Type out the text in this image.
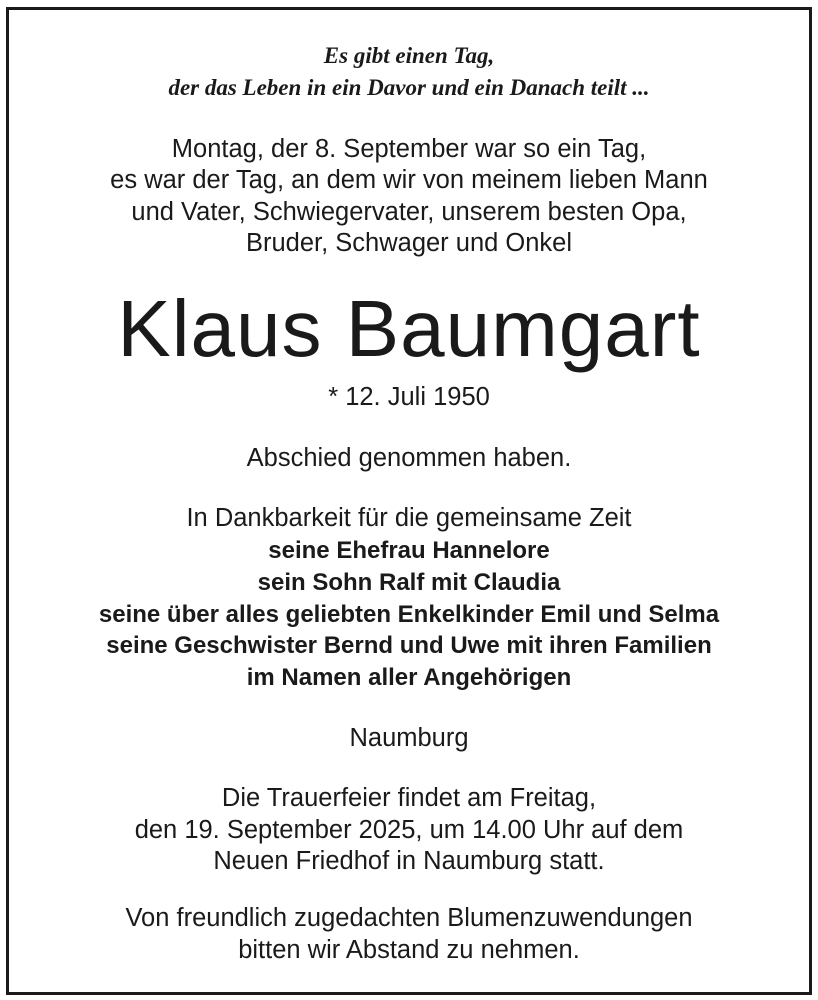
Es gibt einen Tag,
der das Leben in ein Davor und ein Danach teilt ...
Montag, der 8. September war so ein Tag,
es war der Tag, an dem wir von meinem lieben Mann
und Vater, Schwiegervater, unserem besten Opa,
Bruder, Schwager und Onkel
Klaus Baumgart
* 12. Juli 1950
Abschied genommen haben.
In Dankbarkeit für die gemeinsame Zeit
seine Ehefrau Hannelore
sein Sohn Ralf mit Claudia
seine über alles geliebten Enkelkinder Emil und Selma
seine Geschwister Bernd und Uwe mit ihren Familien
im Namen aller Angehörigen
Naumburg
Die Trauerfeier findet am Freitag,
den 19. September 2025, um 14.00 Uhr auf dem
Neuen Friedhof in Naumburg statt.
Von freundlich zugedachten Blumenzuwendungen
bitten wir Abstand zu nehmen.
